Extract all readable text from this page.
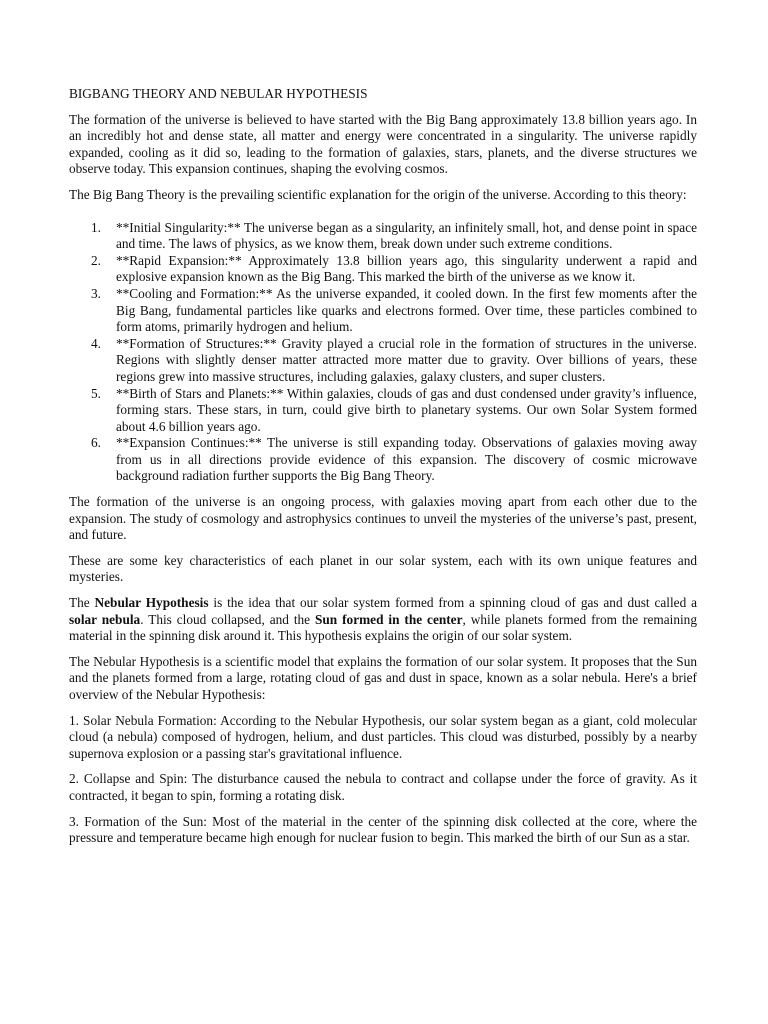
BIGBANG THEORY AND NEBULAR HYPOTHESIS

The formation of the universe is believed to have started with the Big Bang approximately 13.8 billion years ago. In an incredibly hot and dense state, all matter and energy were concentrated in a singularity. The universe rapidly expanded, cooling as it did so, leading to the formation of galaxies, stars, planets, and the diverse structures we observe today. This expansion continues, shaping the evolving cosmos.

The Big Bang Theory is the prevailing scientific explanation for the origin of the universe. According to this theory:

1. **Initial Singularity:** The universe began as a singularity, an infinitely small, hot, and dense point in space and time. The laws of physics, as we know them, break down under such extreme conditions.
2. **Rapid Expansion:** Approximately 13.8 billion years ago, this singularity underwent a rapid and explosive expansion known as the Big Bang. This marked the birth of the universe as we know it.
3. **Cooling and Formation:** As the universe expanded, it cooled down. In the first few moments after the Big Bang, fundamental particles like quarks and electrons formed. Over time, these particles combined to form atoms, primarily hydrogen and helium.
4. **Formation of Structures:** Gravity played a crucial role in the formation of structures in the universe. Regions with slightly denser matter attracted more matter due to gravity. Over billions of years, these regions grew into massive structures, including galaxies, galaxy clusters, and super clusters.
5. **Birth of Stars and Planets:** Within galaxies, clouds of gas and dust condensed under gravity’s influence, forming stars. These stars, in turn, could give birth to planetary systems. Our own Solar System formed about 4.6 billion years ago.
6. **Expansion Continues:** The universe is still expanding today. Observations of galaxies moving away from us in all directions provide evidence of this expansion. The discovery of cosmic microwave background radiation further supports the Big Bang Theory.

The formation of the universe is an ongoing process, with galaxies moving apart from each other due to the expansion. The study of cosmology and astrophysics continues to unveil the mysteries of the universe’s past, present, and future.

These are some key characteristics of each planet in our solar system, each with its own unique features and mysteries.

The Nebular Hypothesis is the idea that our solar system formed from a spinning cloud of gas and dust called a solar nebula. This cloud collapsed, and the Sun formed in the center, while planets formed from the remaining material in the spinning disk around it. This hypothesis explains the origin of our solar system.

The Nebular Hypothesis is a scientific model that explains the formation of our solar system. It proposes that the Sun and the planets formed from a large, rotating cloud of gas and dust in space, known as a solar nebula. Here's a brief overview of the Nebular Hypothesis:

1. Solar Nebula Formation: According to the Nebular Hypothesis, our solar system began as a giant, cold molecular cloud (a nebula) composed of hydrogen, helium, and dust particles. This cloud was disturbed, possibly by a nearby supernova explosion or a passing star's gravitational influence.

2. Collapse and Spin: The disturbance caused the nebula to contract and collapse under the force of gravity. As it contracted, it began to spin, forming a rotating disk.

3. Formation of the Sun: Most of the material in the center of the spinning disk collected at the core, where the pressure and temperature became high enough for nuclear fusion to begin. This marked the birth of our Sun as a star.
